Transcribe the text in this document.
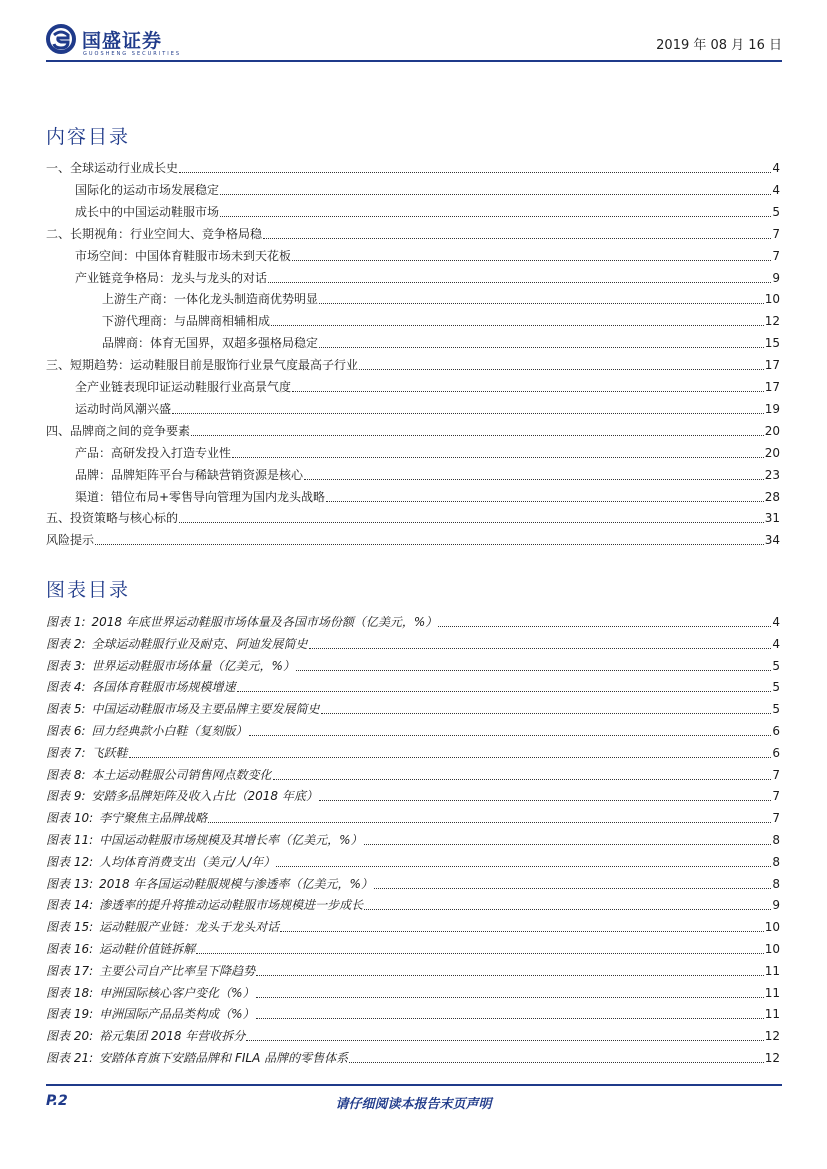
国盛证券
GUOSHENG SECURITIES
2019 年 08 月 16 日
内容目录
图表目录
P.2	请仔细阅读本报告末页声明
一、全球运动行业成长史	4
国际化的运动市场发展稳定	4
成长中的中国运动鞋服市场	5
二、长期视角：行业空间大、竞争格局稳	7
市场空间：中国体育鞋服市场未到天花板	7
产业链竞争格局：龙头与龙头的对话	9
上游生产商：一体化龙头制造商优势明显	10
下游代理商：与品牌商相辅相成	12
品牌商：体育无国界，双超多强格局稳定	15
三、短期趋势：运动鞋服目前是服饰行业景气度最高子行业	17
全产业链表现印证运动鞋服行业高景气度	17
运动时尚风潮兴盛	19
四、品牌商之间的竞争要素	20
产品：高研发投入打造专业性	20
品牌：品牌矩阵平台与稀缺营销资源是核心	23
渠道：错位布局+零售导向管理为国内龙头战略	28
五、投资策略与核心标的	31
风险提示	34
图表 1: 2018 年底世界运动鞋服市场体量及各国市场份额（亿美元，%）	4
图表 2: 全球运动鞋服行业及耐克、阿迪发展简史	4
图表 3: 世界运动鞋服市场体量（亿美元，%）	5
图表 4: 各国体育鞋服市场规模增速	5
图表 5: 中国运动鞋服市场及主要品牌主要发展简史	5
图表 6: 回力经典款小白鞋（复刻版）	6
图表 7: 飞跃鞋	6
图表 8: 本土运动鞋服公司销售网点数变化	7
图表 9: 安踏多品牌矩阵及收入占比（2018 年底）	7
图表 10: 李宁聚焦主品牌战略	7
图表 11: 中国运动鞋服市场规模及其增长率（亿美元，%）	8
图表 12: 人均体育消费支出（美元/人/年）	8
图表 13: 2018 年各国运动鞋服规模与渗透率（亿美元，%）	8
图表 14: 渗透率的提升将推动运动鞋服市场规模进一步成长	9
图表 15: 运动鞋服产业链：龙头于龙头对话	10
图表 16: 运动鞋价值链拆解	10
图表 17: 主要公司自产比率呈下降趋势	11
图表 18: 申洲国际核心客户变化（%）	11
图表 19: 申洲国际产品品类构成（%）	11
图表 20: 裕元集团 2018 年营收拆分	12
图表 21: 安踏体育旗下安踏品牌和 FILA 品牌的零售体系	12
